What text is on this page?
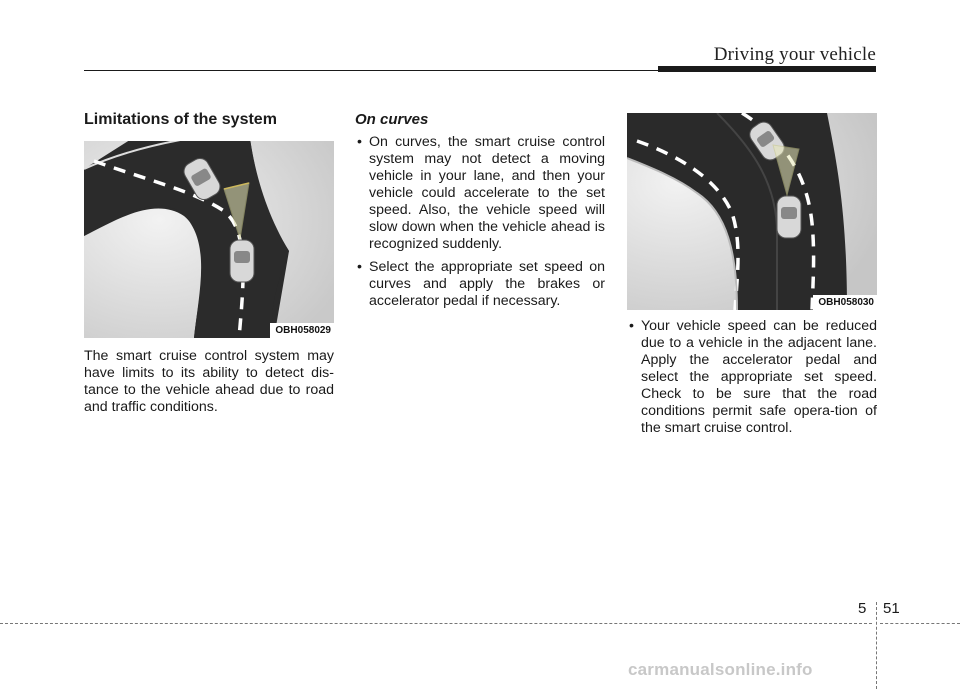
Driving your vehicle
Limitations of the system
OBH058029

The smart cruise control system may have limits to its ability to detect dis-tance to the vehicle ahead due to road and traffic conditions.

On curves
• On curves, the smart cruise control system may not detect a moving vehicle in your lane, and then your vehicle could accelerate to the set speed. Also, the vehicle speed will slow down when the vehicle ahead is recognized suddenly.
• Select the appropriate set speed on curves and apply the brakes or accelerator pedal if necessary.	OBH058030
• Your vehicle speed can be reduced due to a vehicle in the adjacent lane. Apply the accelerator pedal and select the appropriate set speed. Check to be sure that the road conditions permit safe opera-tion of the smart cruise control.
5 51
carmanualsonline.info
